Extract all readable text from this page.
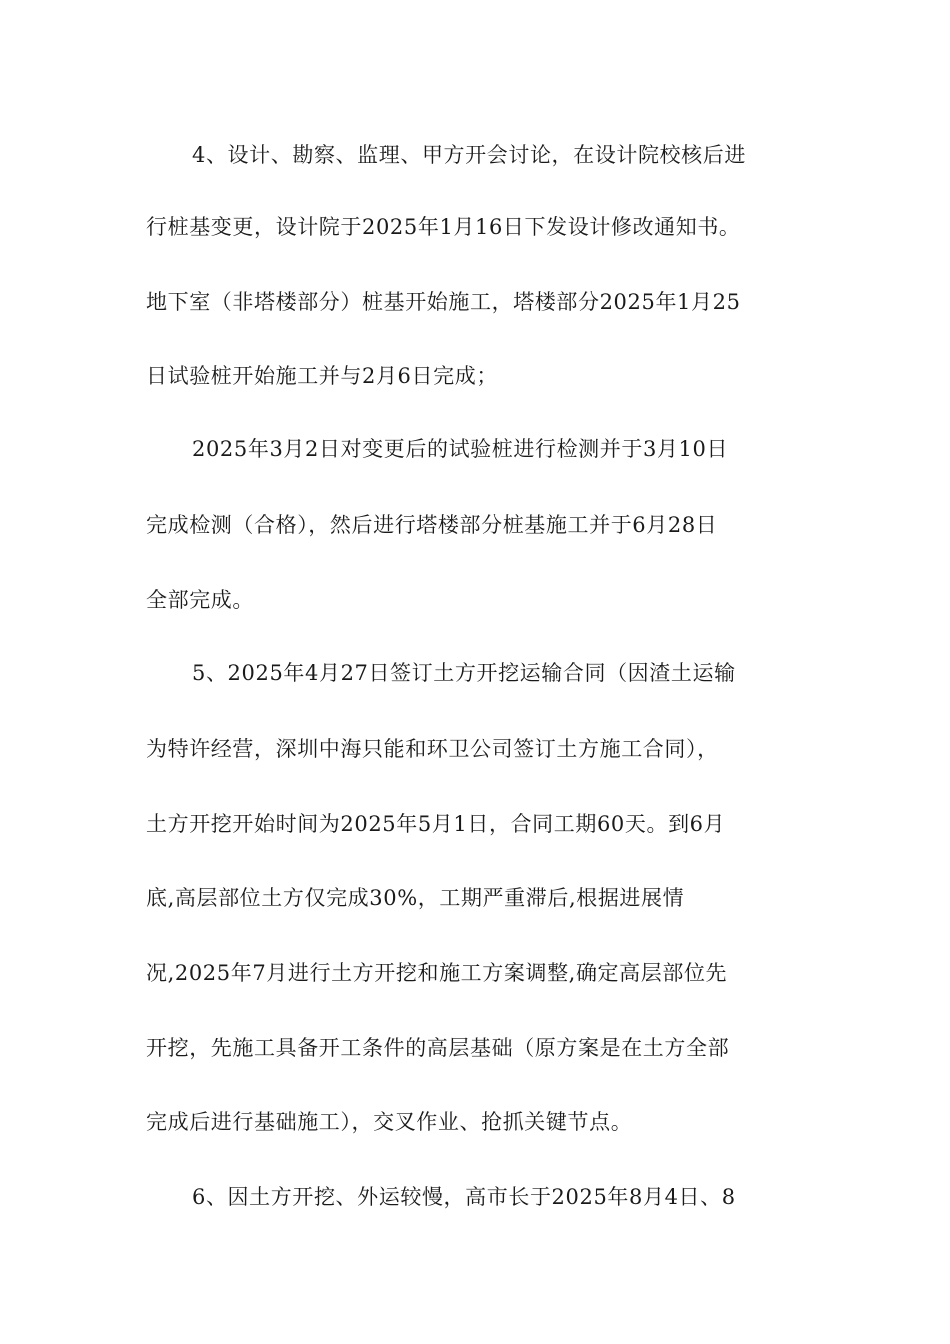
4、设计、勘察、监理、甲方开会讨论，在设计院校核后进
行桩基变更，设计院于2025年1月16日下发设计修改通知书。
地下室（非塔楼部分）桩基开始施工，塔楼部分2025年1月25
日试验桩开始施工并与2月6日完成；
2025年3月2日对变更后的试验桩进行检测并于3月10日
完成检测（合格），然后进行塔楼部分桩基施工并于6月28日
全部完成。
5、2025年4月27日签订土方开挖运输合同（因渣土运输
为特许经营，深圳中海只能和环卫公司签订土方施工合同），
土方开挖开始时间为2025年5月1日，合同工期60天。到6月
底,高层部位土方仅完成30%，工期严重滞后,根据进展情
况,2025年7月进行土方开挖和施工方案调整,确定高层部位先
开挖，先施工具备开工条件的高层基础（原方案是在土方全部
完成后进行基础施工），交叉作业、抢抓关键节点。
6、因土方开挖、外运较慢，高市长于2025年8月4日、8
